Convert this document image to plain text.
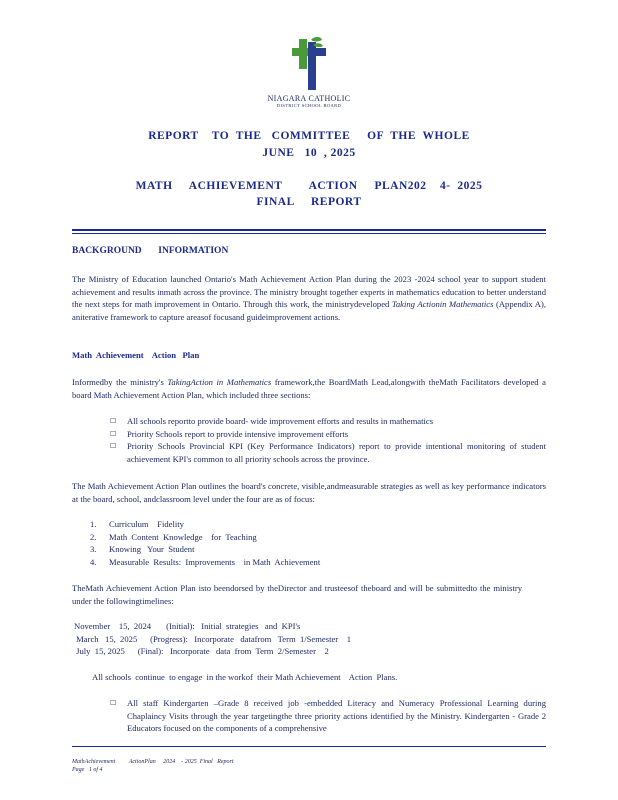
NIAGARA CATHOLIC
DISTRICT SCHOOL BOARD
REPORT    TO  THE   COMMITTEE     OF  THE  WHOLE
JUNE   10  , 2025
MATH     ACHIEVEMENT        ACTION     PLAN202    4-  2025
FINAL     REPORT
BACKGROUND       INFORMATION
The Ministry of Education launched Ontario's Math Achievement Action Plan during the 2023 -2024 school year to support student achievement and results inmath across the province. The ministry brought together experts in mathematics education to better understand the next steps for math improvement in Ontario. Through this work, the ministrydeveloped Taking Actionin Mathematics (Appendix A), aniterative framework to capture areasof focusand guideimprovement actions.
Math  Achievement    Action   Plan
Informedby the ministry's TakingAction in Mathematics framework,the BoardMath Lead,alongwith theMath Facilitators developed a board Math Achievement Action Plan, which included three sections:
☐ All schools reportto provide board- wide improvement efforts and results in mathematics
☐ Priority Schools report to provide intensive improvement efforts
☐ Priority Schools Provincial KPI (Key Performance Indicators) report to provide intentional monitoring of student achievement KPI's common to all priority schools across the province.
The Math Achievement Action Plan outlines the board's concrete, visible,andmeasurable strategies as well as key performance indicators at the board, school, andclassroom level under the four are as of focus:
1. Curriculum    Fidelity
2. Math  Content  Knowledge    for  Teaching
3. Knowing   Your  Student
4. Measurable  Results:  Improvements    in Math  Achievement
TheMath Achievement Action Plan isto beendorsed by theDirector and trusteesof theboard and will be submittedto the ministry under the followingtimelines:
November    15,  2024       (Initial):   Initial  strategies   and  KPI's
March   15,  2025      (Progress):   Incorporate   datafrom   Term  1/Semester    1
July  15, 2025      (Final):   Incorporate   data  from  Term  2/Semester    2
All schools  continue  to engage  in the workof  their Math Achievement    Action  Plans.
☐ All staff Kindergarten –Grade 8 received job -embedded Literacy and Numeracy Professional Learning during Chaplaincy Visits through the year targetingthe three priority actions identified by the Ministry. Kindergarten - Grade 2 Educators focused on the components of a comprehensive
MathAchievement         ActionPlan     2024    - 2025  Final   Report
Page   1 of 4
